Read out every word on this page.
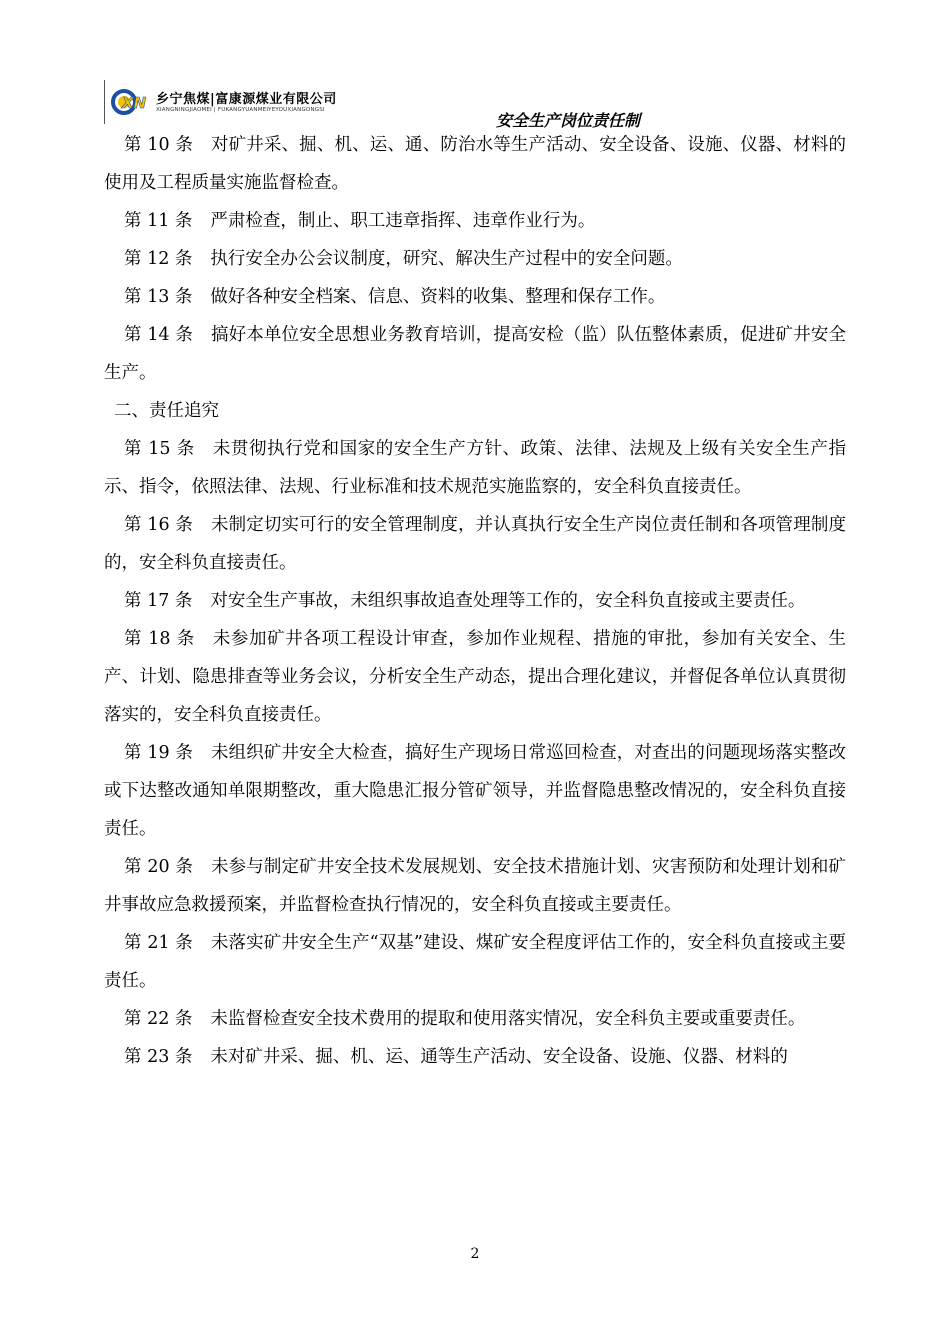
XN 乡宁焦煤|富康源煤业有限公司
XIANGNINGJIAOMEI | FUKANGYUANMEIYEYOUXIANGONGSI
安全生产岗位责任制
第 10 条 对矿井采、掘、机、运、通、防治水等生产活动、安全设备、设施、仪器、材料的使用及工程质量实施监督检查。
第 11 条 严肃检查，制止、职工违章指挥、违章作业行为。
第 12 条 执行安全办公会议制度，研究、解决生产过程中的安全问题。
第 13 条 做好各种安全档案、信息、资料的收集、整理和保存工作。
第 14 条 搞好本单位安全思想业务教育培训，提高安检（监）队伍整体素质，促进矿井安全生产。
二、责任追究
第 15 条 未贯彻执行党和国家的安全生产方针、政策、法律、法规及上级有关安全生产指示、指令，依照法律、法规、行业标准和技术规范实施监察的，安全科负直接责任。
第 16 条 未制定切实可行的安全管理制度，并认真执行安全生产岗位责任制和各项管理制度的，安全科负直接责任。
第 17 条 对安全生产事故，未组织事故追查处理等工作的，安全科负直接或主要责任。
第 18 条 未参加矿井各项工程设计审查，参加作业规程、措施的审批，参加有关安全、生产、计划、隐患排查等业务会议，分析安全生产动态，提出合理化建议，并督促各单位认真贯彻落实的，安全科负直接责任。
第 19 条 未组织矿井安全大检查，搞好生产现场日常巡回检查，对查出的问题现场落实整改或下达整改通知单限期整改，重大隐患汇报分管矿领导，并监督隐患整改情况的，安全科负直接责任。
第 20 条 未参与制定矿井安全技术发展规划、安全技术措施计划、灾害预防和处理计划和矿井事故应急救援预案，并监督检查执行情况的，安全科负直接或主要责任。
第 21 条 未落实矿井安全生产“双基”建设、煤矿安全程度评估工作的，安全科负直接或主要责任。
第 22 条 未监督检查安全技术费用的提取和使用落实情况，安全科负主要或重要责任。
第 23 条 未对矿井采、掘、机、运、通等生产活动、安全设备、设施、仪器、材料的
2
